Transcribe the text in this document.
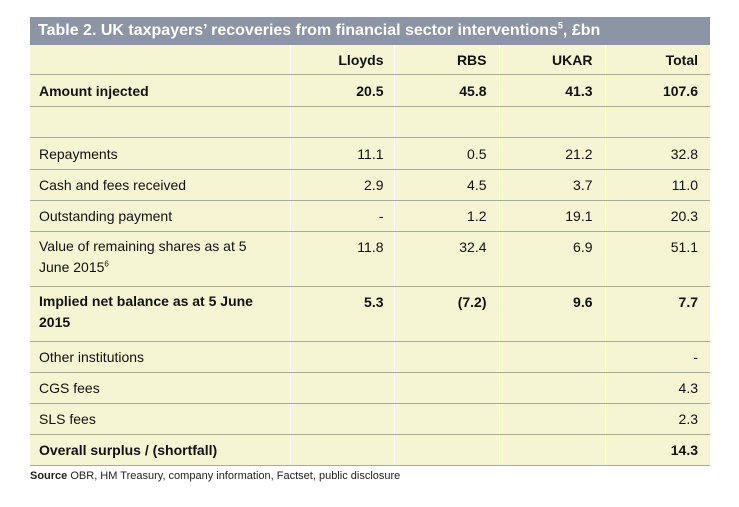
Table 2. UK taxpayers’ recoveries from financial sector interventions$^5$, £bn
	Lloyds	RBS	UKAR	Total
Amount injected	20.5	45.8	41.3	107.6

Repayments	11.1	0.5	21.2	32.8
Cash and fees received	2.9	4.5	3.7	11.0
Outstanding payment	-	1.2	19.1	20.3
Value of remaining shares as at 5
June 2015$^6$	11.8	32.4	6.9	51.1
Implied net balance as at 5 June
2015	5.3	(7.2)	9.6	7.7
Other institutions				-
CGS fees				4.3
SLS fees				2.3
Overall surplus / (shortfall)				14.3
Source OBR, HM Treasury, company information, Factset, public disclosure
